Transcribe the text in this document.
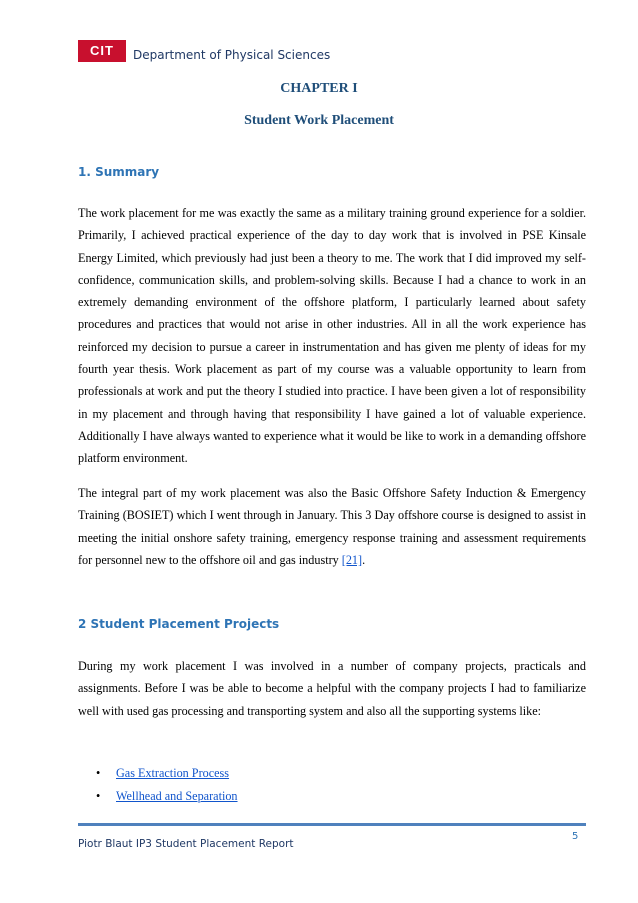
CIT	Department of Physical Sciences
CHAPTER I
Student Work Placement
1. Summary

The work placement for me was exactly the same as a military training ground experience for a soldier. Primarily, I achieved practical experience of the day to day work that is involved in PSE Kinsale Energy Limited, which previously had just been a theory to me. The work that I did improved my self-confidence, communication skills, and problem-solving skills. Because I had a chance to work in an extremely demanding environment of the offshore platform, I particularly learned about safety procedures and practices that would not arise in other industries. All in all the work experience has reinforced my decision to pursue a career in instrumentation and has given me plenty of ideas for my fourth year thesis. Work placement as part of my course was a valuable opportunity to learn from professionals at work and put the theory I studied into practice. I have been given a lot of responsibility in my placement and through having that responsibility I have gained a lot of valuable experience. Additionally I have always wanted to experience what it would be like to work in a demanding offshore platform environment.

The integral part of my work placement was also the Basic Offshore Safety Induction & Emergency Training (BOSIET) which I went through in January. This 3 Day offshore course is designed to assist in meeting the initial onshore safety training, emergency response training and assessment requirements for personnel new to the offshore oil and gas industry [21].

2 Student Placement Projects

During my work placement I was involved in a number of company projects, practicals and assignments. Before I was be able to become a helpful with the company projects I had to familiarize well with used gas processing and transporting system and also all the supporting systems like:

• Gas Extraction Process
• Wellhead and Separation
Piotr Blaut IP3 Student Placement Report
5
